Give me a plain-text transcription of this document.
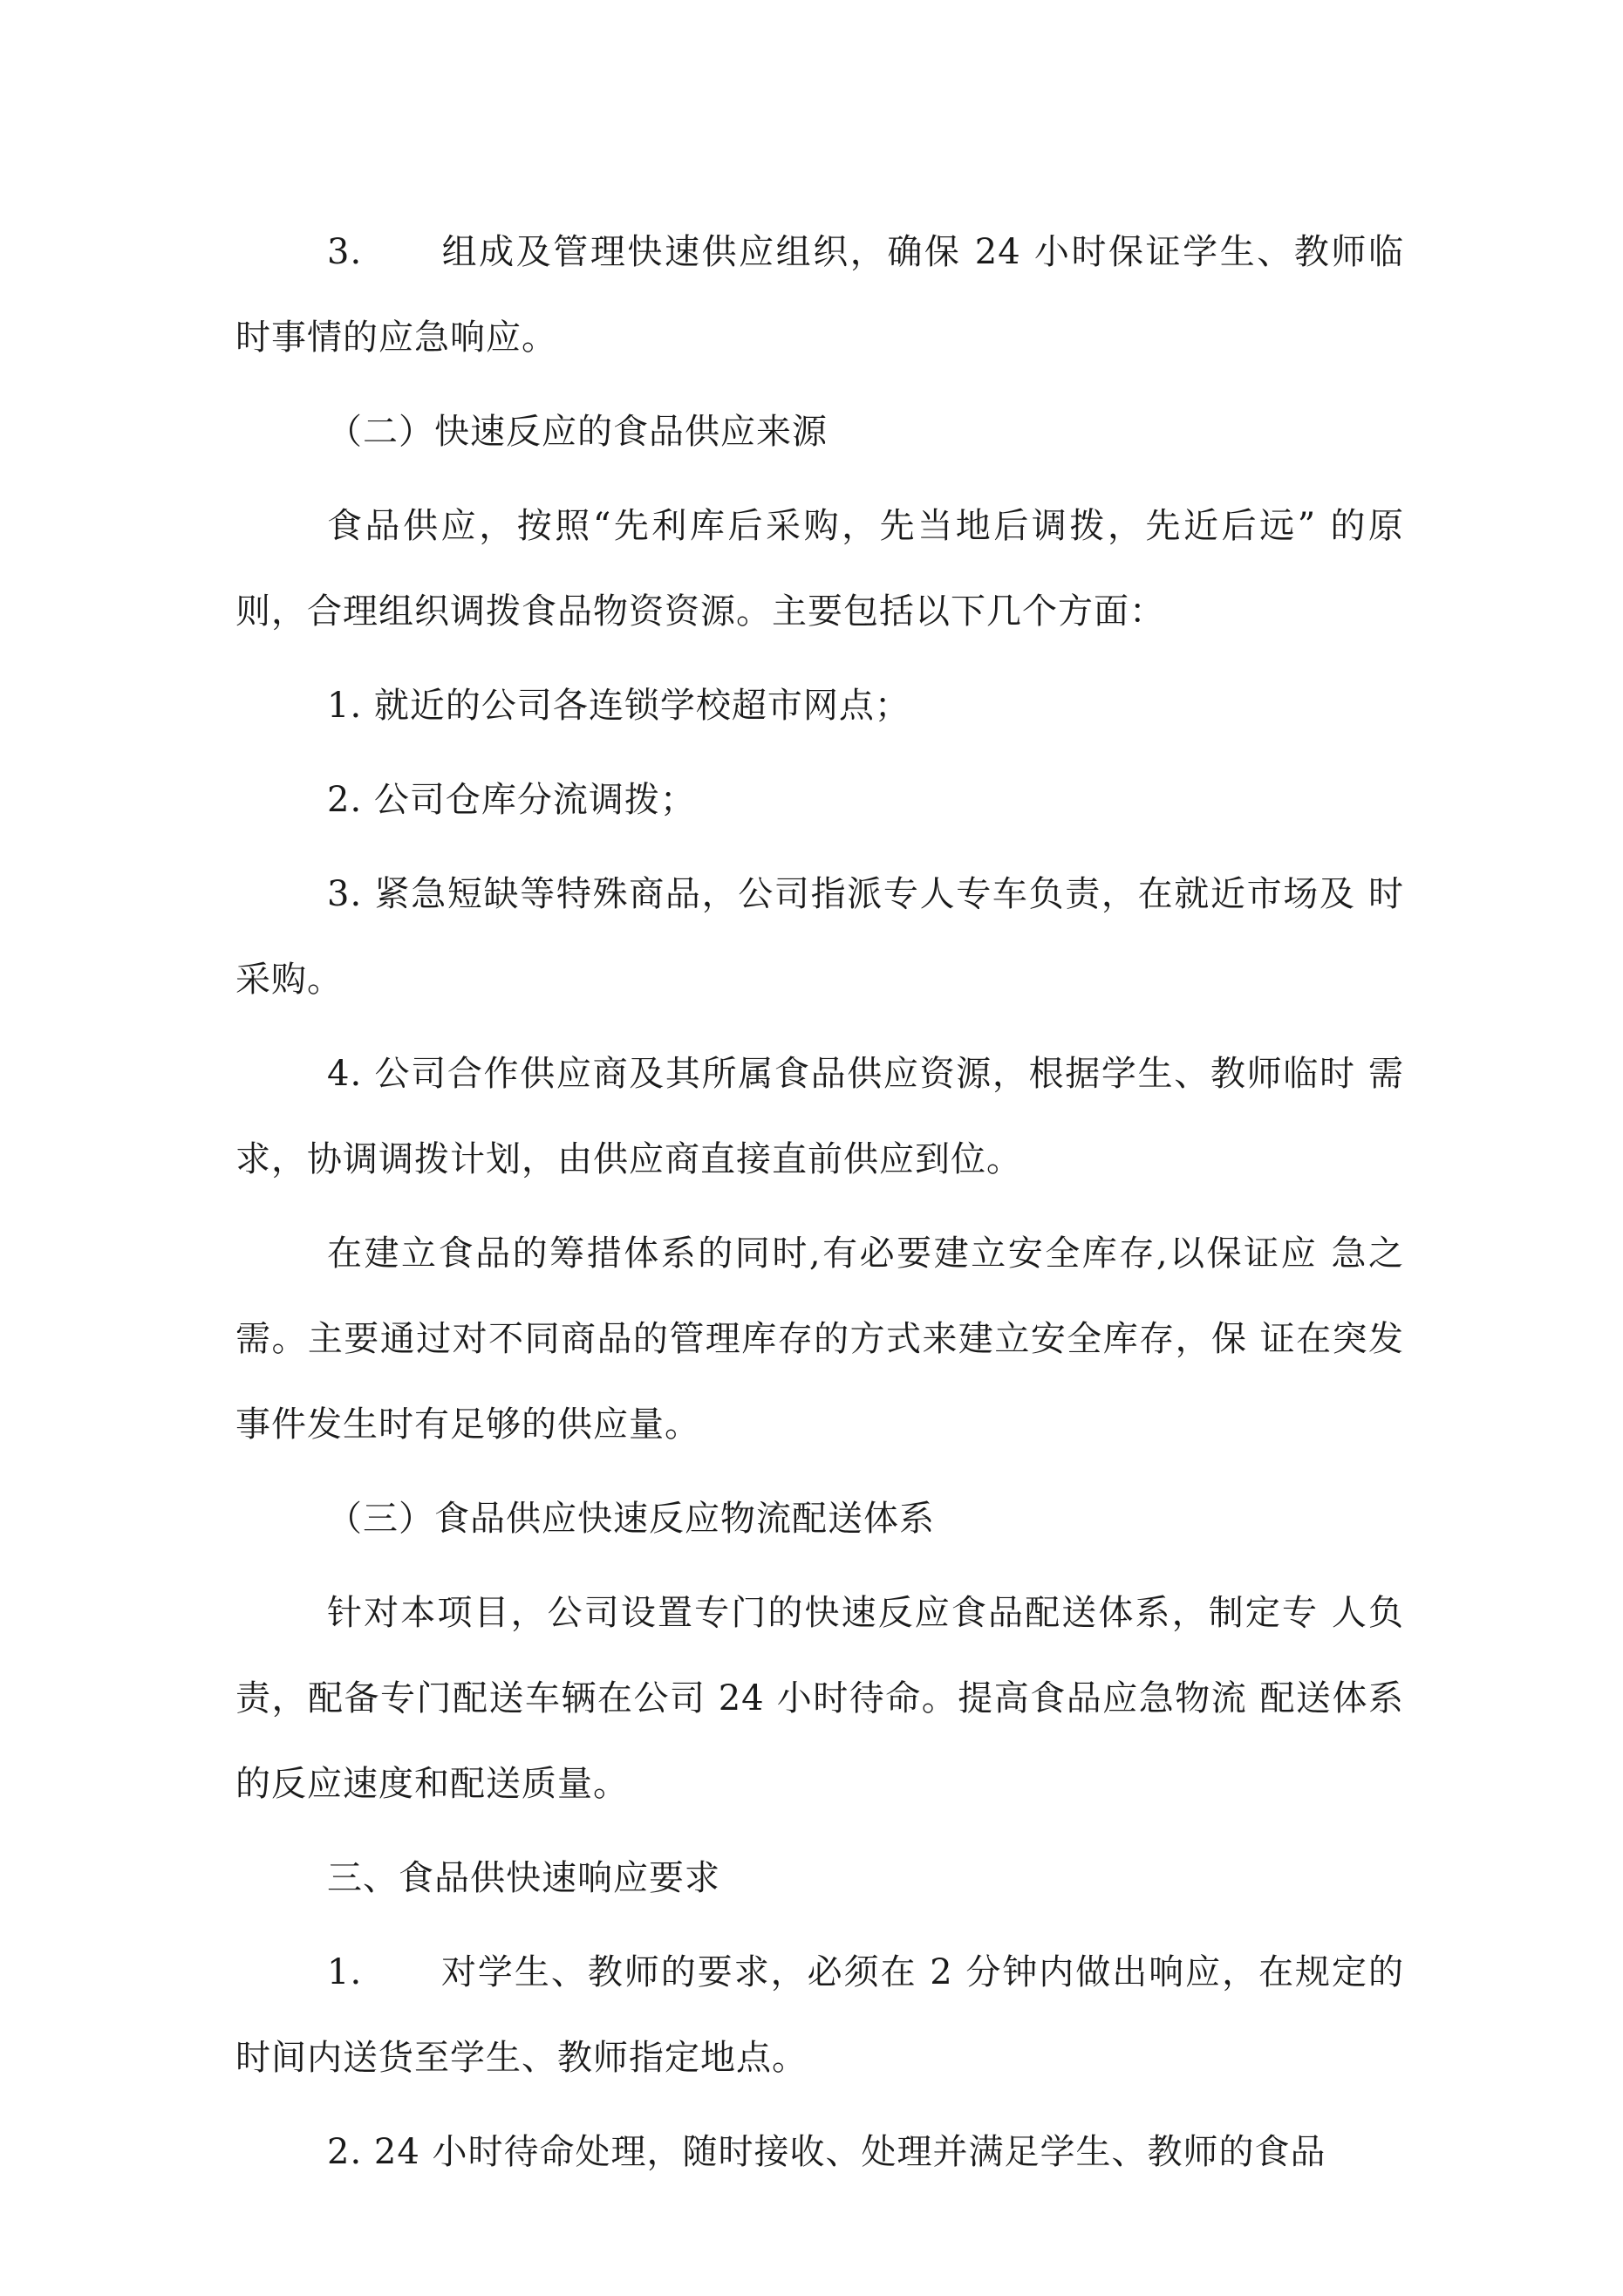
3. 组成及管理快速供应组织，确保 24 小时保证学生、教师临时事情的应急响应。

（二）快速反应的食品供应来源

食品供应，按照“先利库后采购，先当地后调拨，先近后远” 的原则，合理组织调拨食品物资资源。主要包括以下几个方面：

1. 就近的公司各连锁学校超市网点；

2. 公司仓库分流调拨；

3. 紧急短缺等特殊商品，公司指派专人专车负责，在就近市场及 时采购。

4. 公司合作供应商及其所属食品供应资源，根据学生、教师临时 需求，协调调拨计划，由供应商直接直前供应到位。

在建立食品的筹措体系的同时,有必要建立安全库存,以保证应 急之需。主要通过对不同商品的管理库存的方式来建立安全库存，保 证在突发事件发生时有足够的供应量。

（三）食品供应快速反应物流配送体系

针对本项目，公司设置专门的快速反应食品配送体系，制定专 人负责，配备专门配送车辆在公司 24 小时待命。提高食品应急物流 配送体系的反应速度和配送质量。

三、食品供快速响应要求

1. 对学生、教师的要求，必须在 2 分钟内做出响应，在规定的时间内送货至学生、教师指定地点。

2. 24 小时待命处理，随时接收、处理并满足学生、教师的食品
